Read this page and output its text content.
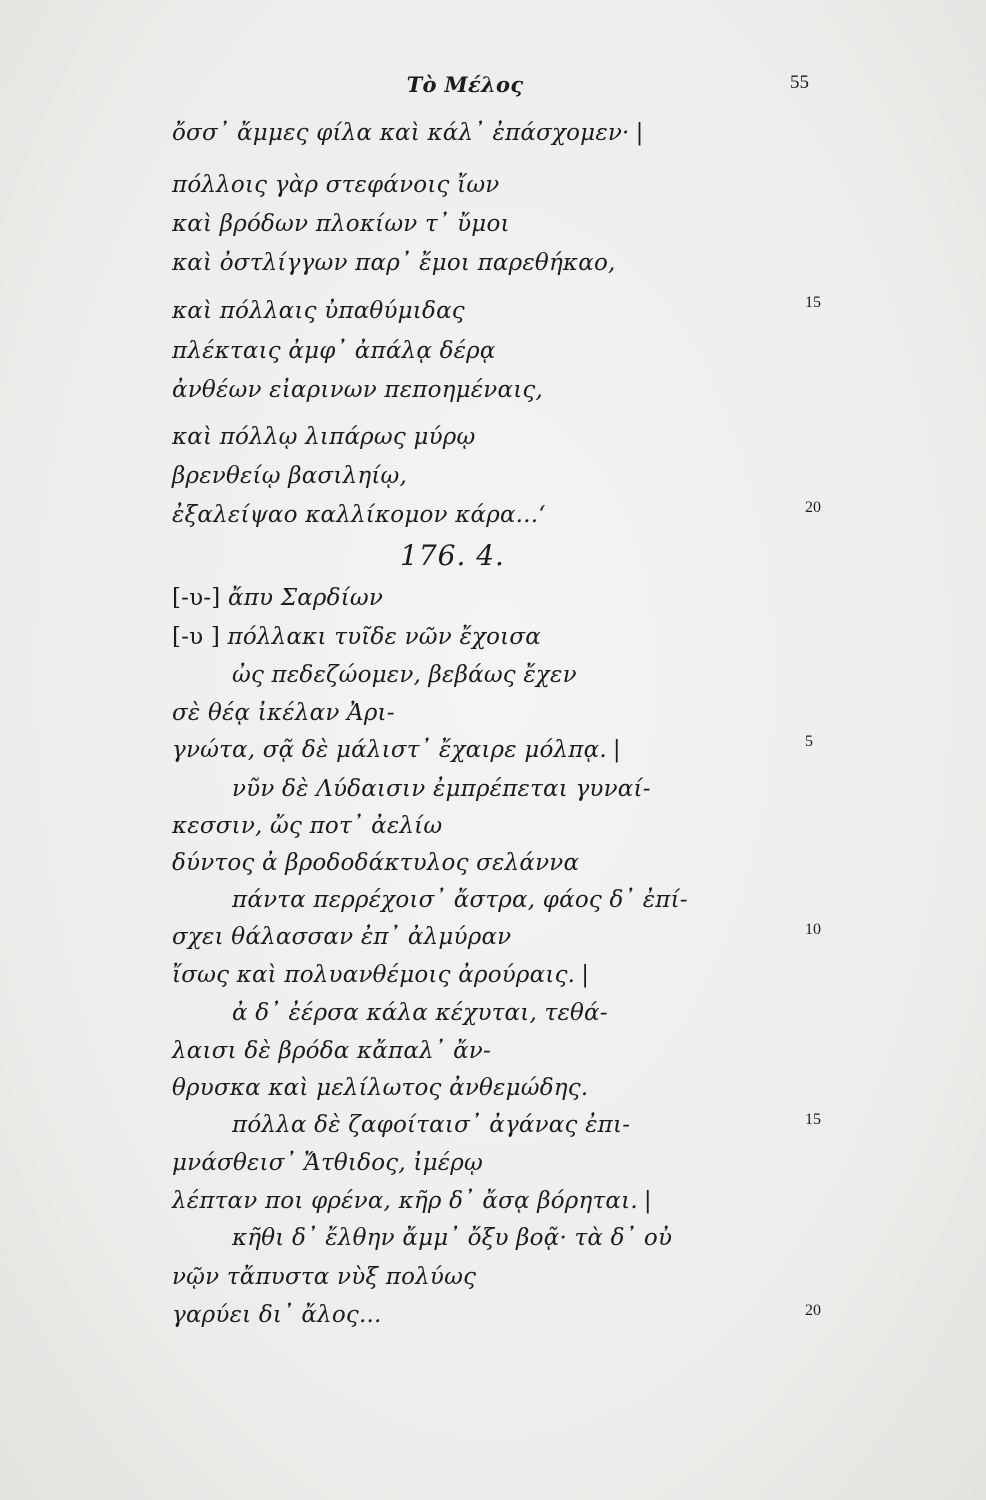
Τὸ Μέλος	55
ὄσσ᾽ ἄμμες φίλα καὶ κάλ᾽ ἐπάσχομεν· |
πόλλοις γὰρ στεφάνοις ἴων
καὶ βρόδων πλοκίων τ᾽ ὔμοι
καὶ ὀστλίγγων παρ᾽ ἔμοι παρεθήκαο,
καὶ πόλλαις ὐπαθύμιδας
πλέκταις ἀμφ᾽ ἀπάλᾳ δέρᾳ
ἀνθέων εἰαρινων πεποημέναις,
καὶ πόλλῳ λιπάρως μύρῳ
βρενθείῳ βασιληίῳ,
ἐξαλείψαο καλλίκομον κάρα...‘
15
20
176. 4.
[-υ-] ἄπυ Σαρδίων
[-υ ] πόλλακι τυῖδε νῶν ἔχοισα
ὠς πεδεζώομεν, βεβάως ἔχεν
σὲ θέᾳ ἰκέλαν Ἀρι-
γνώτα, σᾷ δὲ μάλιστ᾽ ἔχαιρε μόλπᾳ. |
νῦν δὲ Λύδαισιν ἐμπρέπεται γυναί-
κεσσιν, ὤς ποτ᾽ ἀελίω
δύντος ἀ βροδοδάκτυλος σελάννα
πάντα περρέχοισ᾽ ἄστρα, φάος δ᾽ ἐπί-
σχει θάλασσαν ἐπ᾽ ἀλμύραν
ἴσως καὶ πολυανθέμοις ἀρούραις. |
ἀ δ᾽ ἐέρσα κάλα κέχυται, τεθά-
λαισι δὲ βρόδα κἄπαλ᾽ ἄν-
θρυσκα καὶ μελίλωτος ἀνθεμώδης.
πόλλα δὲ ζαφοίταισ᾽ ἀγάνας ἐπι-
μνάσθεισ᾽ Ἄτθιδος, ἰμέρῳ
λέπταν ποι φρένα, κῆρ δ᾽ ἄσᾳ βόρηται. |
κῆθι δ᾽ ἔλθην ἄμμ᾽ ὄξυ βοᾷ· τὰ δ᾽ οὐ
νῷν τἄπυστα νὺξ πολύως
γαρύει δι᾽ ἄλος...
5
10
15
20
